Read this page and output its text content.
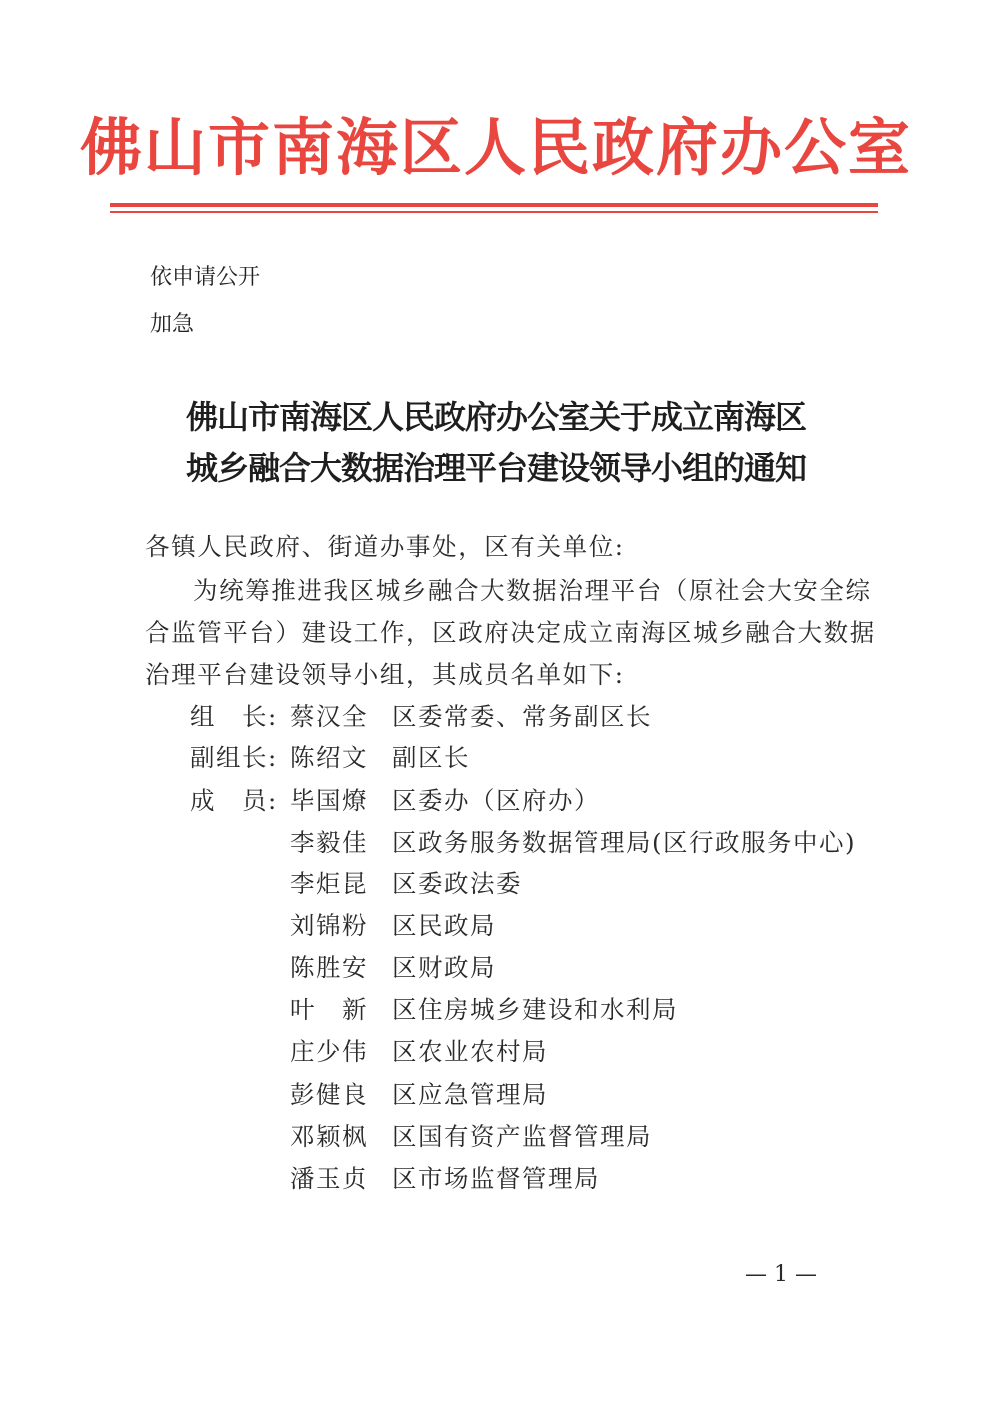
佛山市南海区人民政府办公室
依申请公开
加急
佛山市南海区人民政府办公室关于成立南海区
城乡融合大数据治理平台建设领导小组的通知
各镇人民政府、街道办事处，区有关单位:
为统筹推进我区城乡融合大数据治理平台（原社会大安全综
合监管平台）建设工作，区政府决定成立南海区城乡融合大数据
治理平台建设领导小组，其成员名单如下:
组　长: 蔡汉全 区委常委、常务副区长
副组长: 陈绍文 副区长
成　员: 毕国燎 区委办（区府办）
李毅佳 区政务服务数据管理局(区行政服务中心)
李炬昆 区委政法委
刘锦粉 区民政局
陈胜安 区财政局
叶　新 区住房城乡建设和水利局
庄少伟 区农业农村局
彭健良 区应急管理局
邓颖枫 区国有资产监督管理局
潘玉贞 区市场监督管理局
— 1 —
